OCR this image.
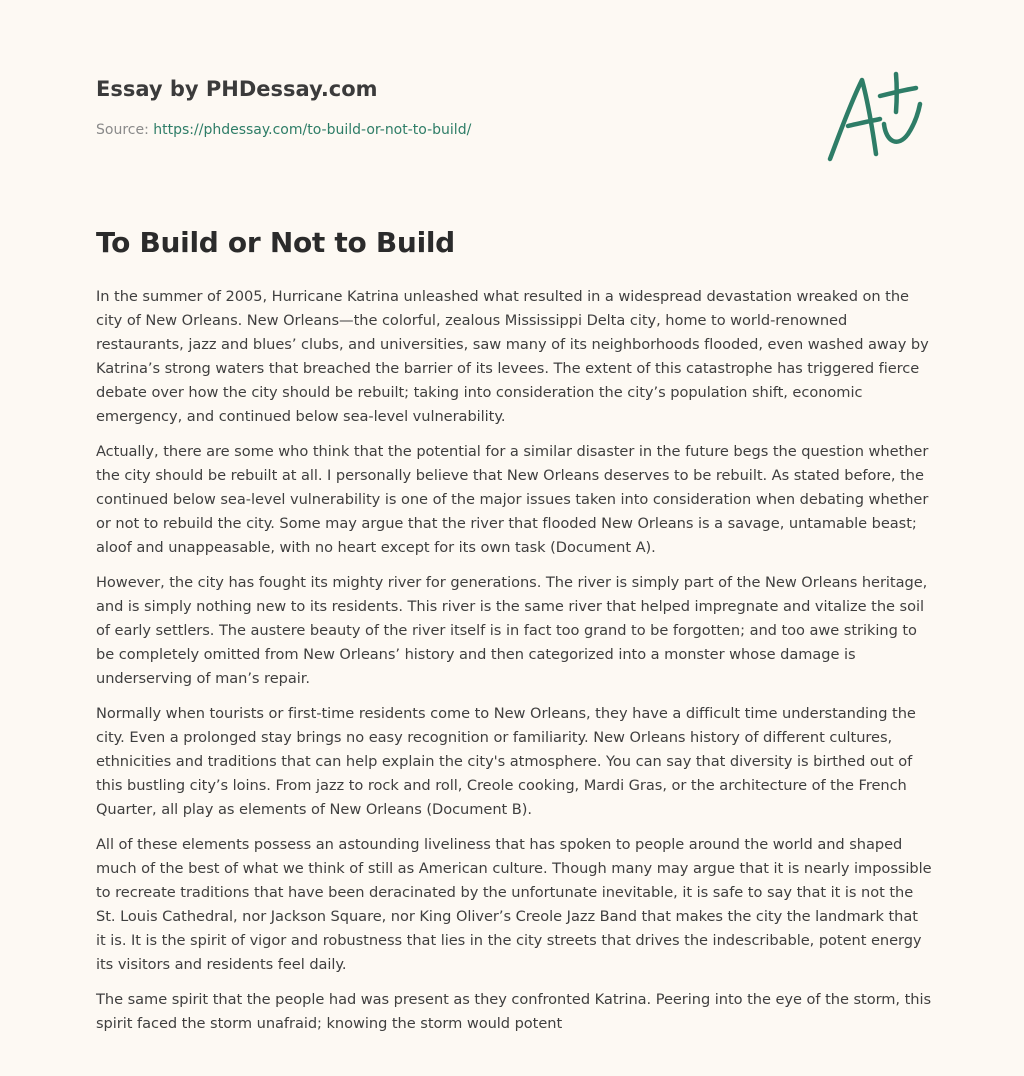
Essay by PHDessay.com
Source: https://phdessay.com/to-build-or-not-to-build/
To Build or Not to Build

In the summer of 2005, Hurricane Katrina unleashed what resulted in a widespread devastation wreaked on the city of New Orleans. New Orleans—the colorful, zealous Mississippi Delta city, home to world-renowned restaurants, jazz and blues’ clubs, and universities, saw many of its neighborhoods flooded, even washed away by Katrina’s strong waters that breached the barrier of its levees. The extent of this catastrophe has triggered fierce debate over how the city should be rebuilt; taking into consideration the city’s population shift, economic emergency, and continued below sea-level vulnerability.

Actually, there are some who think that the potential for a similar disaster in the future begs the question whether the city should be rebuilt at all. I personally believe that New Orleans deserves to be rebuilt. As stated before, the continued below sea-level vulnerability is one of the major issues taken into consideration when debating whether or not to rebuild the city. Some may argue that the river that flooded New Orleans is a savage, untamable beast; aloof and unappeasable, with no heart except for its own task (Document A).

However, the city has fought its mighty river for generations. The river is simply part of the New Orleans heritage, and is simply nothing new to its residents. This river is the same river that helped impregnate and vitalize the soil of early settlers. The austere beauty of the river itself is in fact too grand to be forgotten; and too awe striking to be completely omitted from New Orleans’ history and then categorized into a monster whose damage is underserving of man’s repair.

Normally when tourists or first-time residents come to New Orleans, they have a difficult time understanding the city. Even a prolonged stay brings no easy recognition or familiarity. New Orleans history of different cultures, ethnicities and traditions that can help explain the city's atmosphere. You can say that diversity is birthed out of this bustling city’s loins. From jazz to rock and roll, Creole cooking, Mardi Gras, or the architecture of the French Quarter, all play as elements of New Orleans (Document B).

All of these elements possess an astounding liveliness that has spoken to people around the world and shaped much of the best of what we think of still as American culture. Though many may argue that it is nearly impossible to recreate traditions that have been deracinated by the unfortunate inevitable, it is safe to say that it is not the St. Louis Cathedral, nor Jackson Square, nor King Oliver’s Creole Jazz Band that makes the city the landmark that it is. It is the spirit of vigor and robustness that lies in the city streets that drives the indescribable, potent energy its visitors and residents feel daily.

The same spirit that the people had was present as they confronted Katrina. Peering into the eye of the storm, this spirit faced the storm unafraid; knowing the storm would potent
